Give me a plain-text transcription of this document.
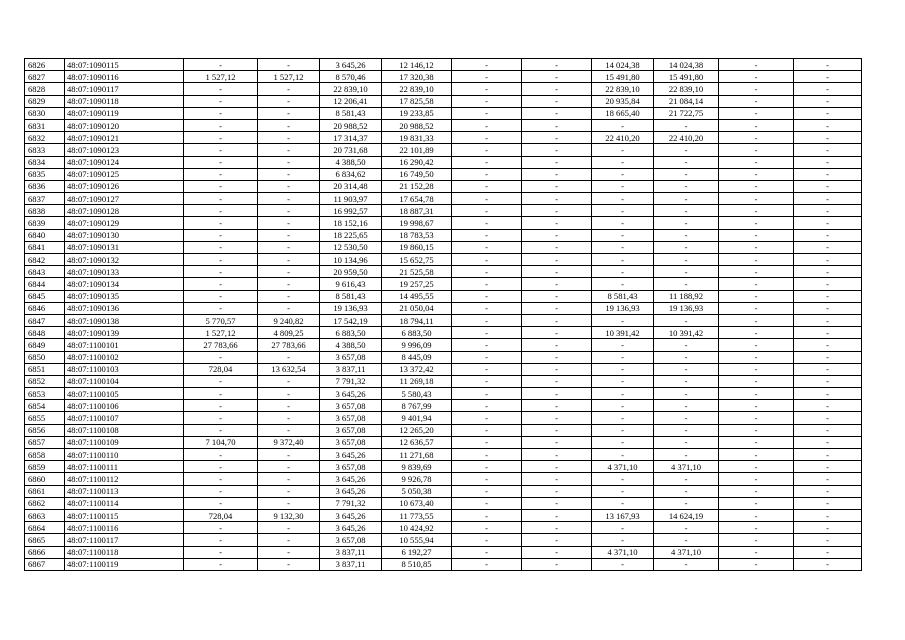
6826	48:07:1090115	-	-	3 645,26	12 146,12	-	-	14 024,38	14 024,38	-	-
6827	48:07:1090116	1 527,12	1 527,12	8 570,46	17 320,38	-	-	15 491,80	15 491,80	-	-
6828	48:07:1090117	-	-	22 839,10	22 839,10	-	-	22 839,10	22 839,10	-	-
6829	48:07:1090118	-	-	12 206,41	17 825,58	-	-	20 935,84	21 084,14	-	-
6830	48:07:1090119	-	-	8 581,43	19 233,85	-	-	18 665,40	21 722,75	-	-
6831	48:07:1090120	-	-	20 988,52	20 988,52	-	-	-	-	-	-
6832	48:07:1090121	-	-	17 314,37	19 831,33	-	-	22 410,20	22 410,20	-	-
6833	48:07:1090123	-	-	20 731,68	22 101,89	-	-	-	-	-	-
6834	48:07:1090124	-	-	4 388,50	16 290,42	-	-	-	-	-	-
6835	48:07:1090125	-	-	6 834,62	16 749,50	-	-	-	-	-	-
6836	48:07:1090126	-	-	20 314,48	21 152,28	-	-	-	-	-	-
6837	48:07:1090127	-	-	11 903,97	17 654,78	-	-	-	-	-	-
6838	48:07:1090128	-	-	16 992,57	18 887,31	-	-	-	-	-	-
6839	48:07:1090129	-	-	18 152,16	19 998,67	-	-	-	-	-	-
6840	48:07:1090130	-	-	18 225,65	18 783,53	-	-	-	-	-	-
6841	48:07:1090131	-	-	12 530,50	19 860,15	-	-	-	-	-	-
6842	48:07:1090132	-	-	10 134,96	15 652,75	-	-	-	-	-	-
6843	48:07:1090133	-	-	20 959,50	21 525,58	-	-	-	-	-	-
6844	48:07:1090134	-	-	9 616,43	19 257,25	-	-	-	-	-	-
6845	48:07:1090135	-	-	8 581,43	14 495,55	-	-	8 581,43	11 188,92	-	-
6846	48:07:1090136	-	-	19 136,93	21 050,04	-	-	19 136,93	19 136,93	-	-
6847	48:07:1090138	5 770,57	9 240,82	17 542,19	18 794,11	-	-	-	-	-	-
6848	48:07:1090139	1 527,12	4 809,25	6 883,50	6 883,50	-	-	10 391,42	10 391,42	-	-
6849	48:07:1100101	27 783,66	27 783,66	4 388,50	9 996,09	-	-	-	-	-	-
6850	48:07:1100102	-	-	3 657,08	8 445,09	-	-	-	-	-	-
6851	48:07:1100103	728,04	13 632,54	3 837,11	13 372,42	-	-	-	-	-	-
6852	48:07:1100104	-	-	7 791,32	11 269,18	-	-	-	-	-	-
6853	48:07:1100105	-	-	3 645,26	5 580,43	-	-	-	-	-	-
6854	48:07:1100106	-	-	3 657,08	8 767,99	-	-	-	-	-	-
6855	48:07:1100107	-	-	3 657,08	9 401,94	-	-	-	-	-	-
6856	48:07:1100108	-	-	3 657,08	12 265,20	-	-	-	-	-	-
6857	48:07:1100109	7 104,70	9 372,40	3 657,08	12 636,57	-	-	-	-	-	-
6858	48:07:1100110	-	-	3 645,26	11 271,68	-	-	-	-	-	-
6859	48:07:1100111	-	-	3 657,08	9 839,69	-	-	4 371,10	4 371,10	-	-
6860	48:07:1100112	-	-	3 645,26	9 926,78	-	-	-	-	-	-
6861	48:07:1100113	-	-	3 645,26	5 050,38	-	-	-	-	-	-
6862	48:07:1100114	-	-	7 791,32	10 673,40	-	-	-	-	-	-
6863	48:07:1100115	728,04	9 132,30	3 645,26	11 773,55	-	-	13 167,93	14 624,19	-	-
6864	48:07:1100116	-	-	3 645,26	10 424,92	-	-	-	-	-	-
6865	48:07:1100117	-	-	3 657,08	10 555,94	-	-	-	-	-	-
6866	48:07:1100118	-	-	3 837,11	6 192,27	-	-	4 371,10	4 371,10	-	-
6867	48:07:1100119	-	-	3 837,11	8 510,85	-	-	-	-	-	-
